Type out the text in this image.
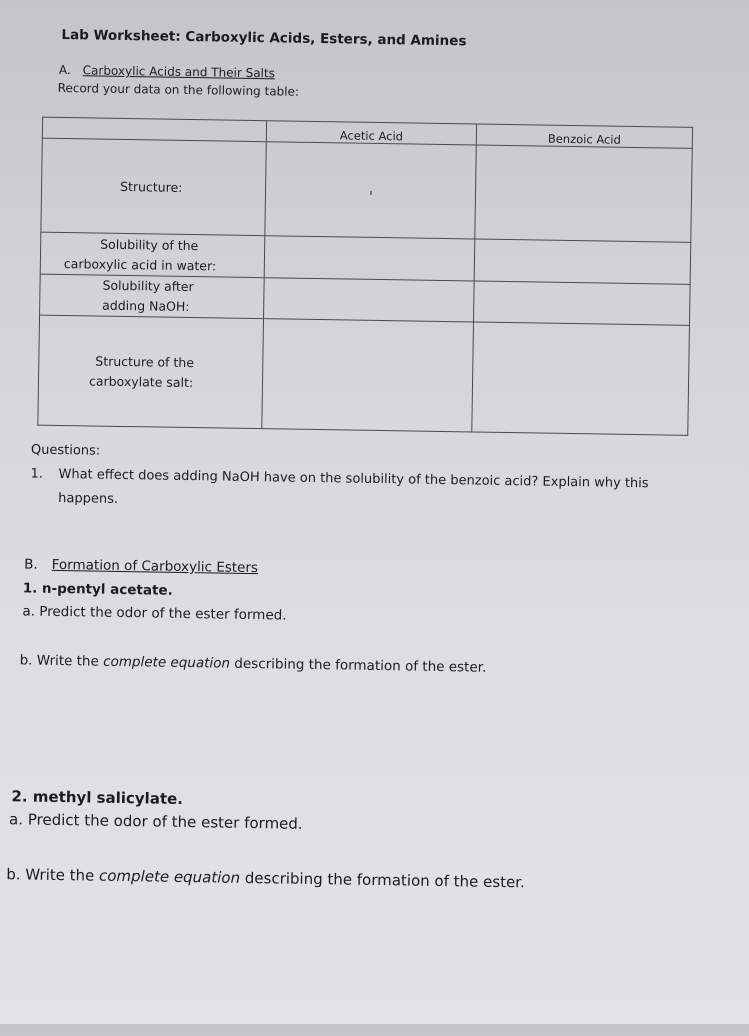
Lab Worksheet: Carboxylic Acids, Esters, and Amines
A. Carboxylic Acids and Their Salts
Record your data on the following table:
	Acetic Acid	Benzoic Acid
Structure:		

Solubility of the
carboxylic acid in water:		

Solubility after
adding NaOH:		

Structure of the
carboxylate salt:		

Questions:
1. What effect does adding NaOH have on the solubility of the benzoic acid? Explain why this
happens.
B. Formation of Carboxylic Esters
1. n-pentyl acetate.
a. Predict the odor of the ester formed.
b. Write the complete equation describing the formation of the ester.
2. methyl salicylate.
a. Predict the odor of the ester formed.
b. Write the complete equation describing the formation of the ester.
